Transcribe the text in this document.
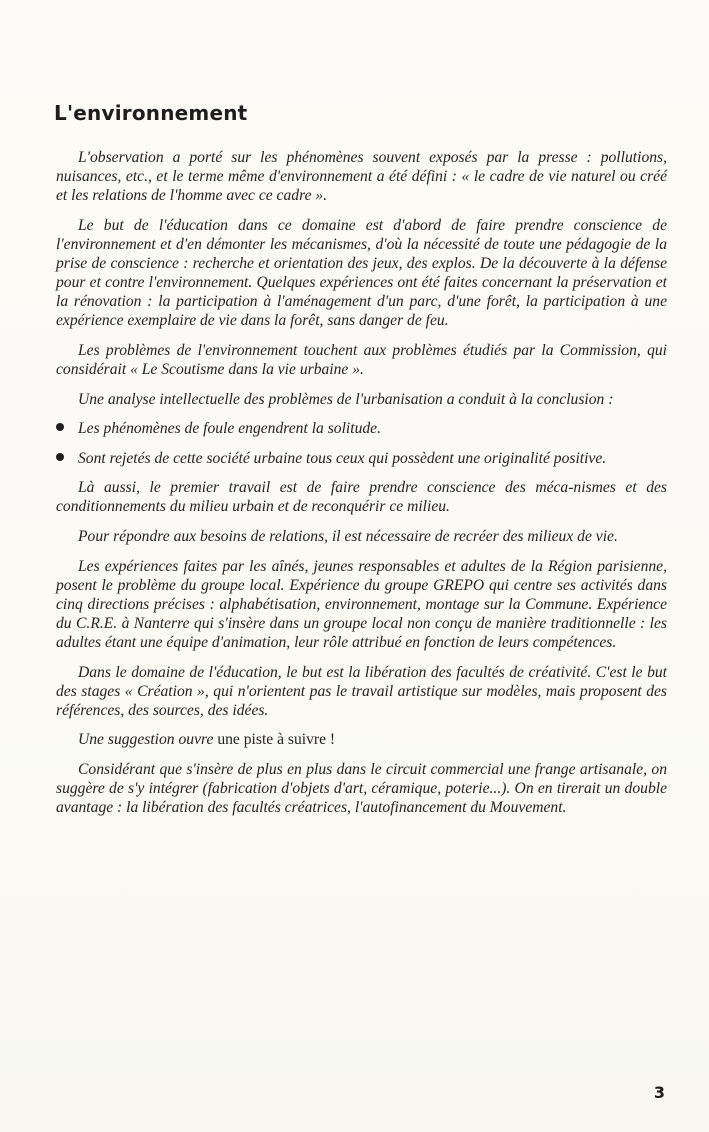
L'environnement

L'observation a porté sur les phénomènes souvent exposés par la presse : pollutions, nuisances, etc., et le terme même d'environnement a été défini : « le cadre de vie naturel ou créé et les relations de l'homme avec ce cadre ».

Le but de l'éducation dans ce domaine est d'abord de faire prendre conscience de l'environnement et d'en démonter les mécanismes, d'où la nécessité de toute une pédagogie de la prise de conscience : recherche et orientation des jeux, des explos. De la découverte à la défense pour et contre l'environnement. Quelques expériences ont été faites concernant la préservation et la rénovation : la participation à l'aménagement d'un parc, d'une forêt, la participation à une expérience exemplaire de vie dans la forêt, sans danger de feu.

Les problèmes de l'environnement touchent aux problèmes étudiés par la Commission, qui considérait « Le Scoutisme dans la vie urbaine ».

Une analyse intellectuelle des problèmes de l'urbanisation a conduit à la conclusion :

Les phénomènes de foule engendrent la solitude.

Sont rejetés de cette société urbaine tous ceux qui possèdent une originalité positive.

Là aussi, le premier travail est de faire prendre conscience des méca-nismes et des conditionnements du milieu urbain et de reconquérir ce milieu.

Pour répondre aux besoins de relations, il est nécessaire de recréer des milieux de vie.

Les expériences faites par les aînés, jeunes responsables et adultes de la Région parisienne, posent le problème du groupe local. Expérience du groupe GREPO qui centre ses activités dans cinq directions précises : alphabétisation, environnement, montage sur la Commune. Expérience du C.R.E. à Nanterre qui s'insère dans un groupe local non conçu de manière traditionnelle : les adultes étant une équipe d'animation, leur rôle attribué en fonction de leurs compétences.

Dans le domaine de l'éducation, le but est la libération des facultés de créativité. C'est le but des stages « Création », qui n'orientent pas le travail artistique sur modèles, mais proposent des références, des sources, des idées.

Une suggestion ouvre une piste à suivre !

Considérant que s'insère de plus en plus dans le circuit commercial une frange artisanale, on suggère de s'y intégrer (fabrication d'objets d'art, céramique, poterie...). On en tirerait un double avantage : la libération des facultés créatrices, l'autofinancement du Mouvement.

3
